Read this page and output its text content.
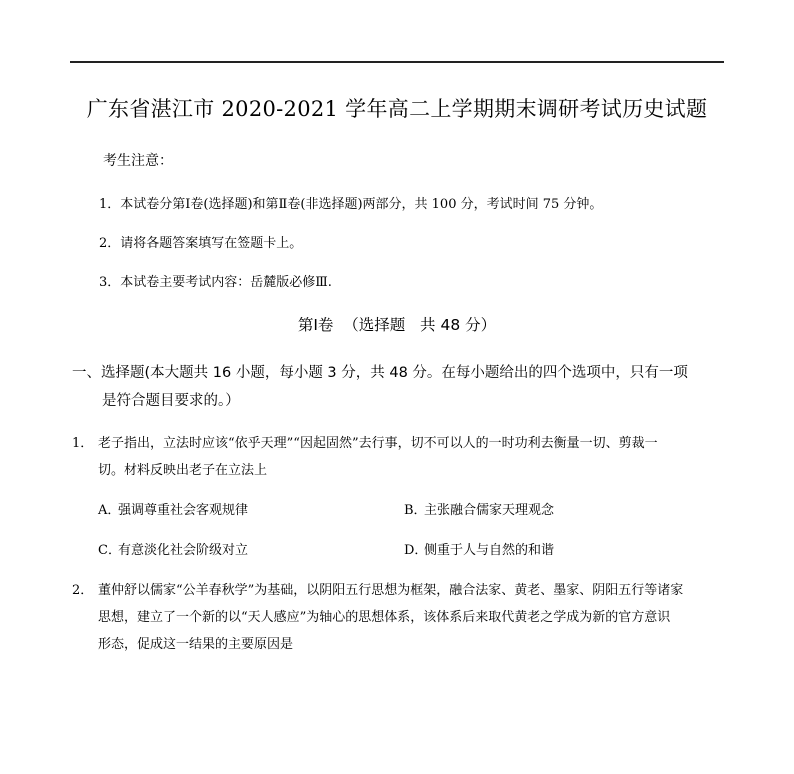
广东省湛江市 2020-2021 学年高二上学期期末调研考试历史试题
考生注意：
1．本试卷分第Ⅰ卷(选择题)和第Ⅱ卷(非选择题)两部分，共 100 分，考试时间 75 分钟。
2．请将各题答案填写在签题卡上。
3．本试卷主要考试内容：岳麓版必修Ⅲ.
第Ⅰ卷  （选择题   共 48 分）
一、选择题(本大题共 16 小题，每小题 3 分，共 48 分。在每小题给出的四个选项中，只有一项
是符合题目要求的。）
1． 老子指出，立法时应该“依乎天理”“因起固然”去行事，切不可以人的一时功利去衡量一切、剪裁一
切。材料反映出老子在立法上
A．强调尊重社会客观规律	B．主张融合儒家天理观念
C．有意淡化社会阶级对立	D．侧重于人与自然的和谐
2． 董仲舒以儒家“公羊春秋学”为基础，以阴阳五行思想为框架，融合法家、黄老、墨家、阴阳五行等诸家
思想，建立了一个新的以“天人感应”为轴心的思想体系，该体系后来取代黄老之学成为新的官方意识
形态，促成这一结果的主要原因是
